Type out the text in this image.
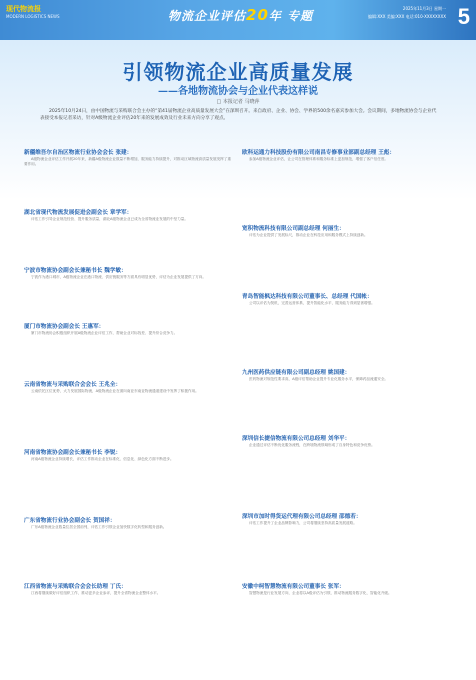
现代物流报
MODERN LOGISTICS NEWS	物流企业评估20年 专题
2025年11月3日 星期一
编辑:XXX 美编:XXX 电话:010-XXXXXXXX 5
引领物流企业高质量发展
——各地物流协会与企业代表这样说
□ 本报记者 马晓萍
2025年10月24日，由中国物流与采购联合会主办的“第41届物流企业高质量发展大会”在深圳召开。来自政府、企业、协会、学界的500余名嘉宾参加大会。会议期间，多地物流协会与企业代表接受本报记者采访，针对A级物流企业评估20年来的发展成效及行业未来方向分享了观点。
新疆维吾尔自治区物流行业协会会长 张建：
A级物流企业评估工作开展20年来，新疆A级物流企业数量不断增加，服务能力持续提升，对推动区域物流高质量发展发挥了重要作用。
湖北省现代物流发展促进会副会长 章学军：
评估工作引导企业规范经营、提升服务质量，湖北A级物流企业已成为全省物流业发展的中坚力量。
宁波市物流协会副会长兼秘书长 魏学敏：
宁波作为港口城市，A级物流企业在港口物流、供应链服务等方面具有明显优势，评估为企业发展提供了方向。
厦门市物流协会副会长 王惠军：
厦门市物流协会积极组织开展A级物流企业评估工作，帮助企业对标找差、提升综合竞争力。
云南省物流与采购联合会会长 王兆全：
云南依托区位优势，大力发展国际物流，A级物流企业在面向南亚东南亚物流通道建设中发挥了积极作用。
河南省物流协会副会长兼秘书长 李锐：
河南A级物流企业持续增长，评估工作推动企业在标准化、信息化、绿色化方面不断进步。
广东省物流行业协会副会长 贺国祥：
广东A级物流企业数量位居全国前列，评估工作引领企业加快数字化转型和服务创新。
江西省物流与采购联合会会长助理 丁氏：
江西将继续做好评估组织工作，推动更多企业参评，提升全省物流企业整体水平。
欧科运通力科技股份有限公司南昌专修事业部副总经理 王彪：
参加A级物流企业评估，让公司在管理体系和服务标准上更加规范，增强了客户信任度。
宽积物流科技有限公司副总经理 何丽生：
评估为企业提供了发展标尺，推动企业在科技应用和服务模式上持续创新。
青岛智能枫达科技有限公司董事长、总经理 代国帐：
公司以评估为契机，完善运营体系，提升智能化水平，服务能力得到显著增强。
九州医药供应链有限公司副总经理 姚国建：
医药物流对规范性要求高，A级评估帮助企业提升专业化服务水平，保障药品流通安全。
深圳信长捷信物流有限公司总经理 刘华平：
企业通过评估不断优化服务流程，在跨境物流领域形成了自身特色和竞争优势。
深圳市加时得货运代理有限公司总经理 邵德若：
评估工作提升了企业品牌影响力，公司将继续坚持高质量发展道路。
安徽中柯智慧物流有限公司董事长 张军：
智慧物流是行业发展方向，企业将以A级评估为引领，推动物流服务数字化、智能化升级。
